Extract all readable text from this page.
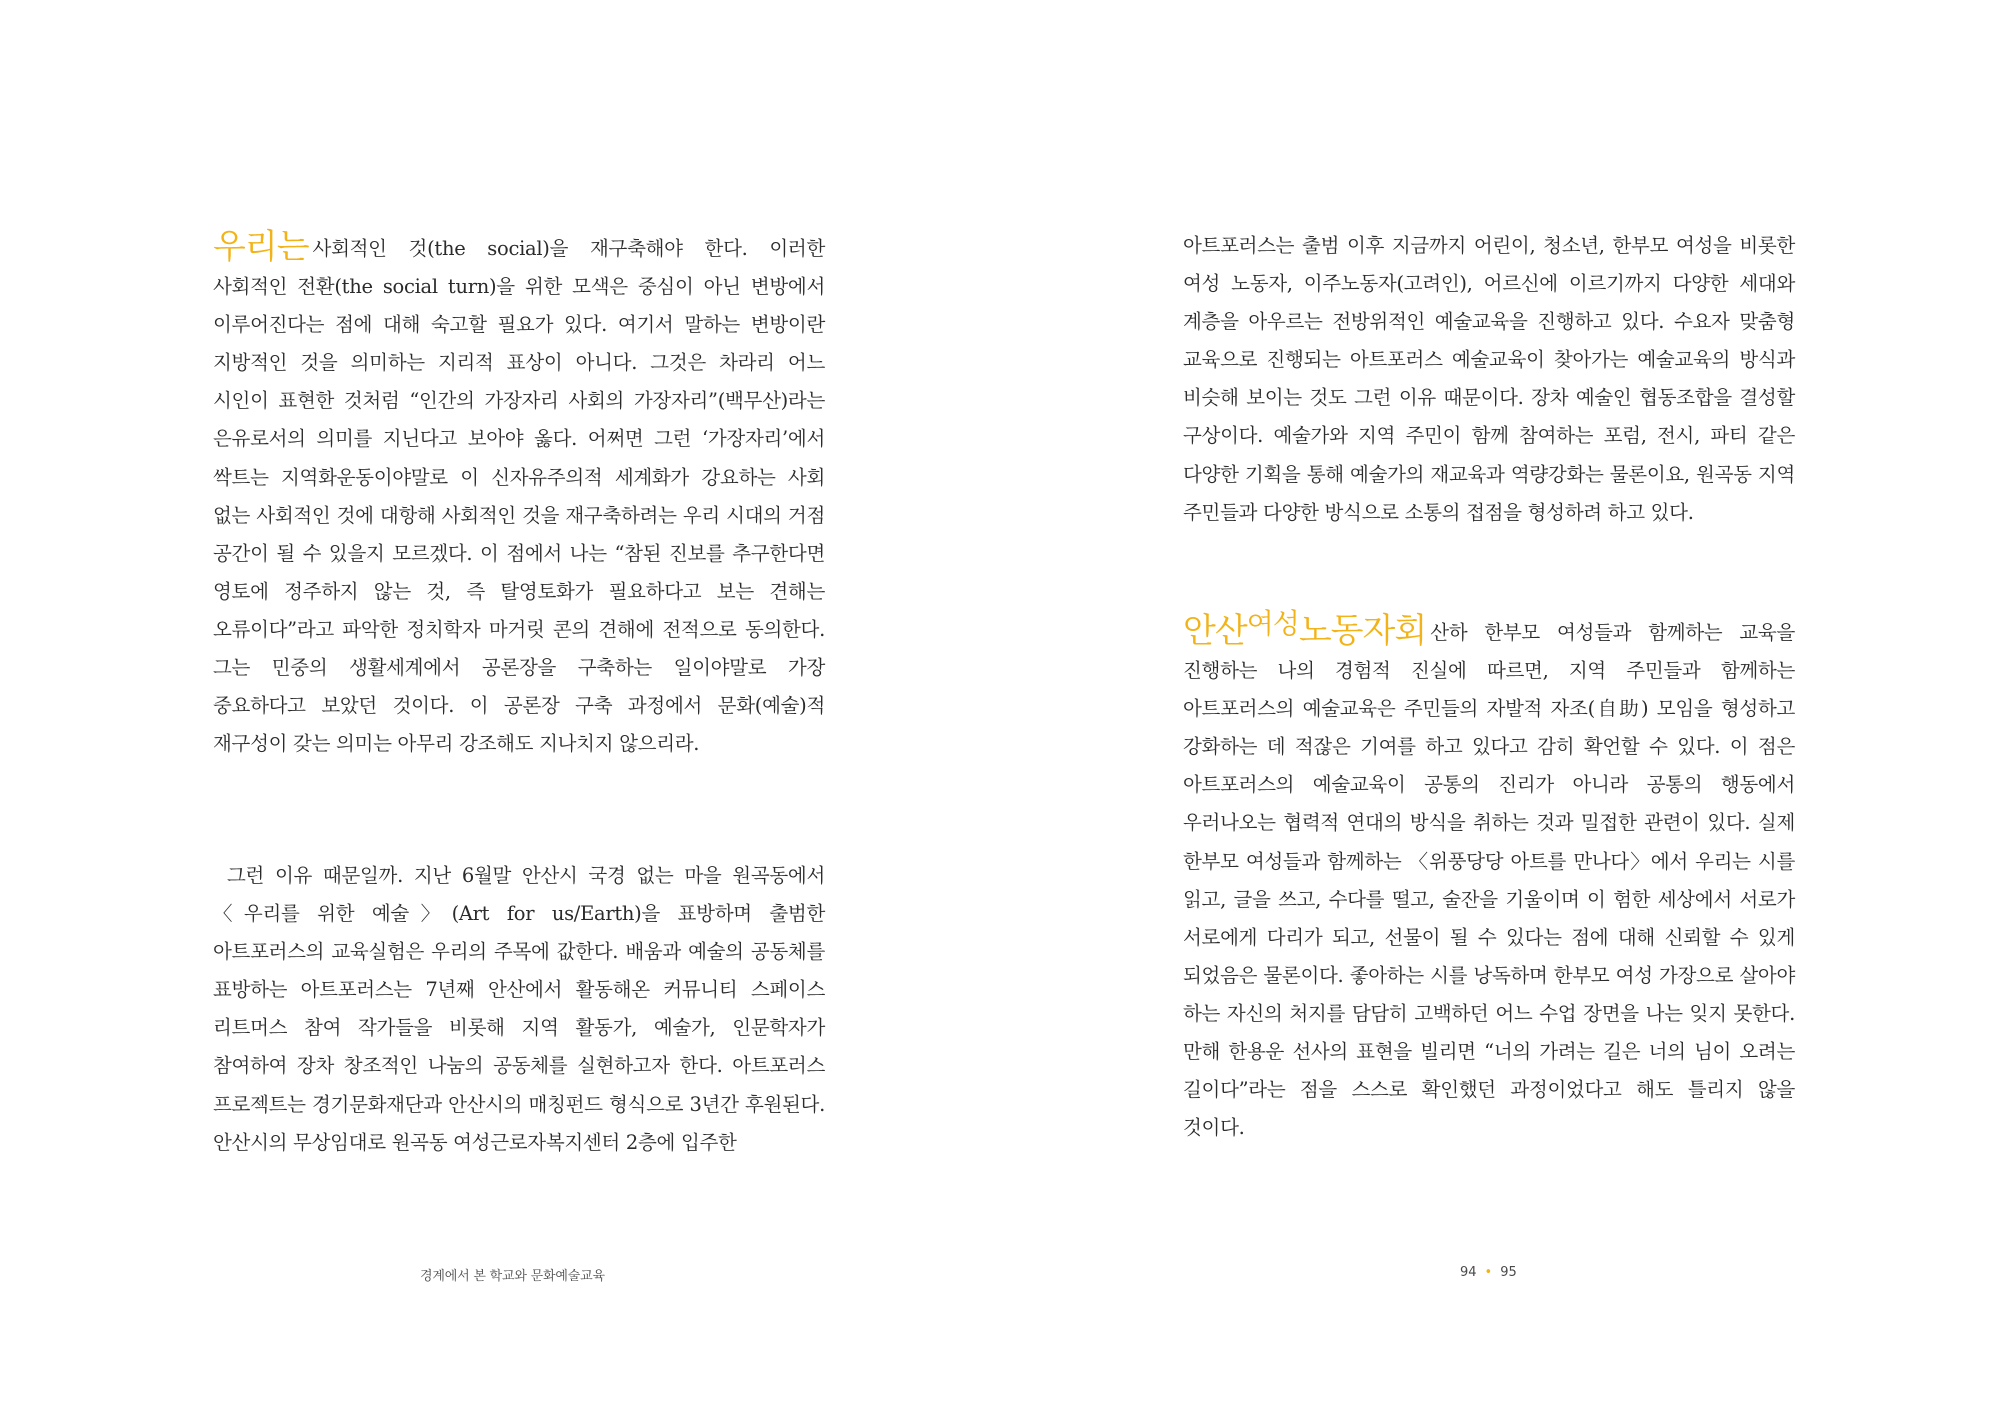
우리는 사회적인 것(the social)을 재구축해야 한다. 이러한 사회적인 전환(the social turn)을 위한 모색은 중심이 아닌 변방에서 이루어진다는 점에 대해 숙고할 필요가 있다. 여기서 말하는 변방이란 지방적인 것을 의미하는 지리적 표상이 아니다. 그것은 차라리 어느 시인이 표현한 것처럼 “인간의 가장자리 사회의 가장자리”(백무산)라는 은유로서의 의미를 지닌다고 보아야 옳다. 어쩌면 그런 ‘가장자리’에서 싹트는 지역화운동이야말로 이 신자유주의적 세계화가 강요하는 사회 없는 사회적인 것에 대항해 사회적인 것을 재구축하려는 우리 시대의 거점 공간이 될 수 있을지 모르겠다. 이 점에서 나는 “참된 진보를 추구한다면 영토에 정주하지 않는 것, 즉 탈영토화가 필요하다고 보는 견해는 오류이다”라고 파악한 정치학자 마거릿 콘의 견해에 전적으로 동의한다. 그는 민중의 생활세계에서 공론장을 구축하는 일이야말로 가장 중요하다고 보았던 것이다. 이 공론장 구축 과정에서 문화(예술)적 재구성이 갖는 의미는 아무리 강조해도 지나치지 않으리라.

그런 이유 때문일까. 지난 6월말 안산시 국경 없는 마을 원곡동에서 〈우리를 위한 예술〉(Art for us/Earth)을 표방하며 출범한 아트포러스의 교육실험은 우리의 주목에 값한다. 배움과 예술의 공동체를 표방하는 아트포러스는 7년째 안산에서 활동해온 커뮤니티 스페이스 리트머스 참여 작가들을 비롯해 지역 활동가, 예술가, 인문학자가 참여하여 장차 창조적인 나눔의 공동체를 실현하고자 한다. 아트포러스 프로젝트는 경기문화재단과 안산시의 매칭펀드 형식으로 3년간 후원된다. 안산시의 무상임대로 원곡동 여성근로자복지센터 2층에 입주한

경계에서 본 학교와 문화예술교육

아트포러스는 출범 이후 지금까지 어린이, 청소년, 한부모 여성을 비롯한 여성 노동자, 이주노동자(고려인), 어르신에 이르기까지 다양한 세대와 계층을 아우르는 전방위적인 예술교육을 진행하고 있다. 수요자 맞춤형 교육으로 진행되는 아트포러스 예술교육이 찾아가는 예술교육의 방식과 비슷해 보이는 것도 그런 이유 때문이다. 장차 예술인 협동조합을 결성할 구상이다. 예술가와 지역 주민이 함께 참여하는 포럼, 전시, 파티 같은 다양한 기획을 통해 예술가의 재교육과 역량강화는 물론이요, 원곡동 지역 주민들과 다양한 방식으로 소통의 접점을 형성하려 하고 있다.

안산$^{여성}$노동자회 산하 한부모 여성들과 함께하는 교육을 진행하는 나의 경험적 진실에 따르면, 지역 주민들과 함께하는 아트포러스의 예술교육은 주민들의 자발적 자조(自助) 모임을 형성하고 강화하는 데 적잖은 기여를 하고 있다고 감히 확언할 수 있다. 이 점은 아트포러스의 예술교육이 공통의 진리가 아니라 공통의 행동에서 우러나오는 협력적 연대의 방식을 취하는 것과 밀접한 관련이 있다. 실제 한부모 여성들과 함께하는 〈위풍당당 아트를 만나다〉에서 우리는 시를 읽고, 글을 쓰고, 수다를 떨고, 술잔을 기울이며 이 험한 세상에서 서로가 서로에게 다리가 되고, 선물이 될 수 있다는 점에 대해 신뢰할 수 있게 되었음은 물론이다. 좋아하는 시를 낭독하며 한부모 여성 가장으로 살아야 하는 자신의 처지를 담담히 고백하던 어느 수업 장면을 나는 잊지 못한다. 만해 한용운 선사의 표현을 빌리면 “너의 가려는 길은 너의 님이 오려는 길이다”라는 점을 스스로 확인했던 과정이었다고 해도 틀리지 않을 것이다.

94 • 95
